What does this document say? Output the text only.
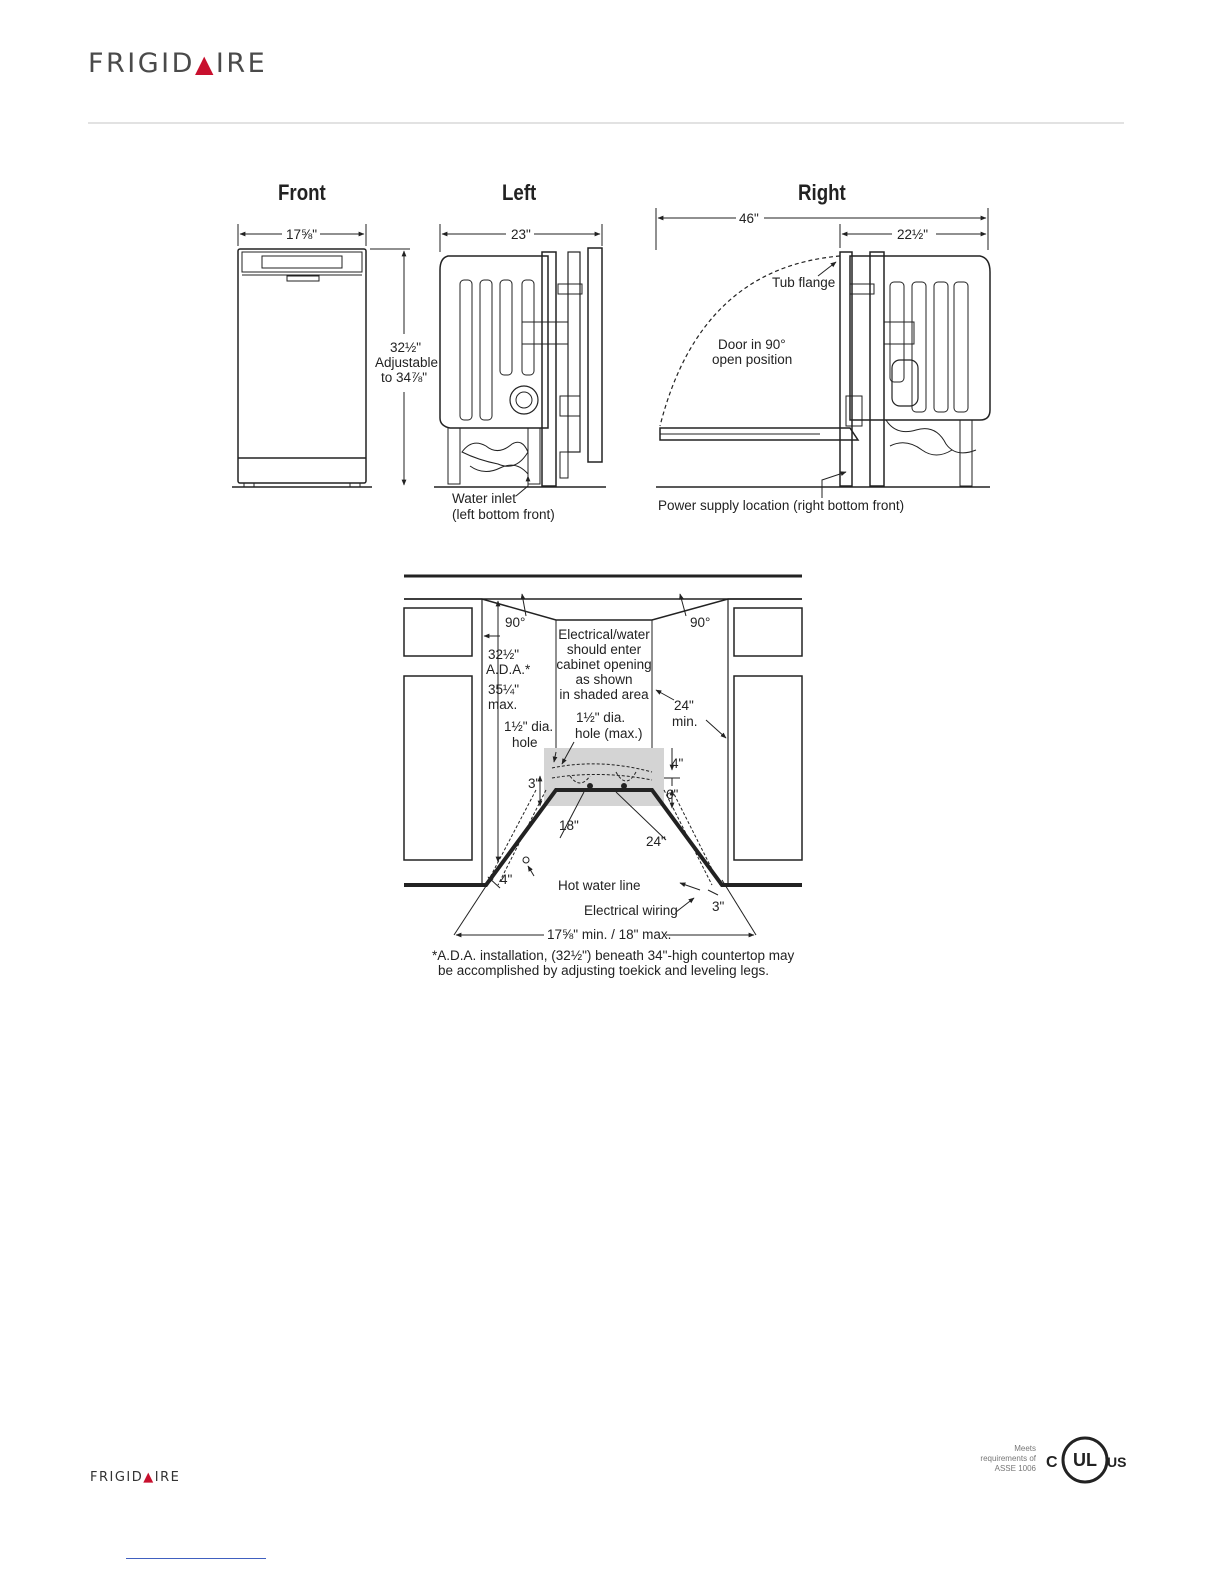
FRIGID▲IRE
Front	Left	Right
17⅝"
32½"
Adjustable
to 34⅞"
23"
Water inlet
(left bottom front)
46"
22½"
Tub flange
Door in 90°
open position
Power supply location (right bottom front)
90°	90°
32½"
A.D.A.*
35¼"
max.
Electrical/water
should enter
cabinet opening
as shown
in shaded area
24"
min.
1½" dia.
hole
1½" dia.
hole (max.)
4"
3"
6"
18"
24"
4"
3"
Hot water line
Electrical wiring
17⅝" min. / 18" max.
*A.D.A. installation, (32½") beneath 34"-high countertop may
be accomplished by adjusting toekick and leveling legs.
FRIGID▲IRE
Meets
requirements of
ASSE 1006 C UL US
